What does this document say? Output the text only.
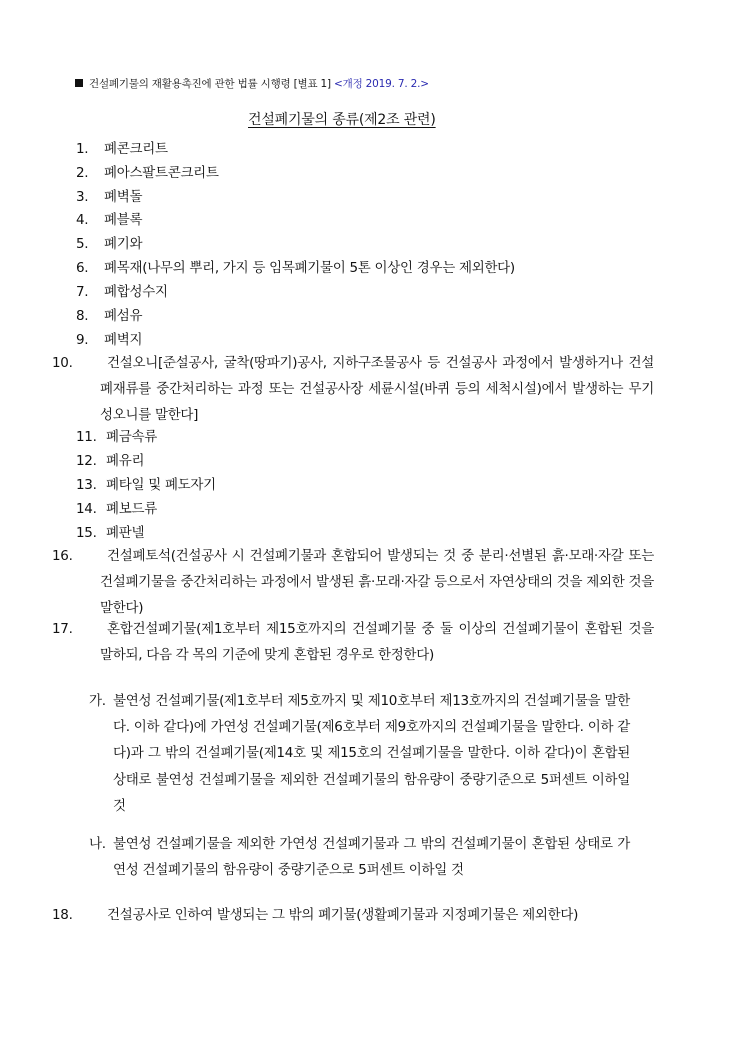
건설폐기물의 재활용촉진에 관한 법률 시행령 [별표 1] <개정 2019. 7. 2.>
건설폐기물의 종류(제2조 관련)
1. 폐콘크리트
2. 폐아스팔트콘크리트
3. 폐벽돌
4. 폐블록
5. 폐기와
6. 폐목재(나무의 뿌리, 가지 등 임목폐기물이 5톤 이상인 경우는 제외한다)
7. 폐합성수지
8. 폐섬유
9. 폐벽지
10.	건설오니[준설공사, 굴착(땅파기)공사, 지하구조물공사 등 건설공사 과정에서 발생하거나 건설폐재류를 중간처리하는 과정 또는 건설공사장 세륜시설(바퀴 등의 세척시설)에서 발생하는 무기성오니를 말한다]
11. 폐금속류
12. 폐유리
13. 폐타일 및 폐도자기
14. 폐보드류
15. 폐판넬
16.	건설폐토석(건설공사 시 건설폐기물과 혼합되어 발생되는 것 중 분리·선별된 흙·모래·자갈 또는 건설폐기물을 중간처리하는 과정에서 발생된 흙·모래·자갈 등으로서 자연상태의 것을 제외한 것을 말한다)
17.	혼합건설폐기물(제1호부터 제15호까지의 건설폐기물 중 둘 이상의 건설폐기물이 혼합된 것을 말하되, 다음 각 목의 기준에 맞게 혼합된 경우로 한정한다)
가. 불연성 건설폐기물(제1호부터 제5호까지 및 제10호부터 제13호까지의 건설폐기물을 말한다. 이하 같다)에 가연성 건설폐기물(제6호부터 제9호까지의 건설폐기물을 말한다. 이하 같다)과 그 밖의 건설폐기물(제14호 및 제15호의 건설폐기물을 말한다. 이하 같다)이 혼합된 상태로 불연성 건설폐기물을 제외한 건설폐기물의 함유량이 중량기준으로 5퍼센트 이하일 것
나. 불연성 건설폐기물을 제외한 가연성 건설폐기물과 그 밖의 건설폐기물이 혼합된 상태로 가연성 건설폐기물의 함유량이 중량기준으로 5퍼센트 이하일 것
18.	건설공사로 인하여 발생되는 그 밖의 폐기물(생활폐기물과 지정폐기물은 제외한다)
